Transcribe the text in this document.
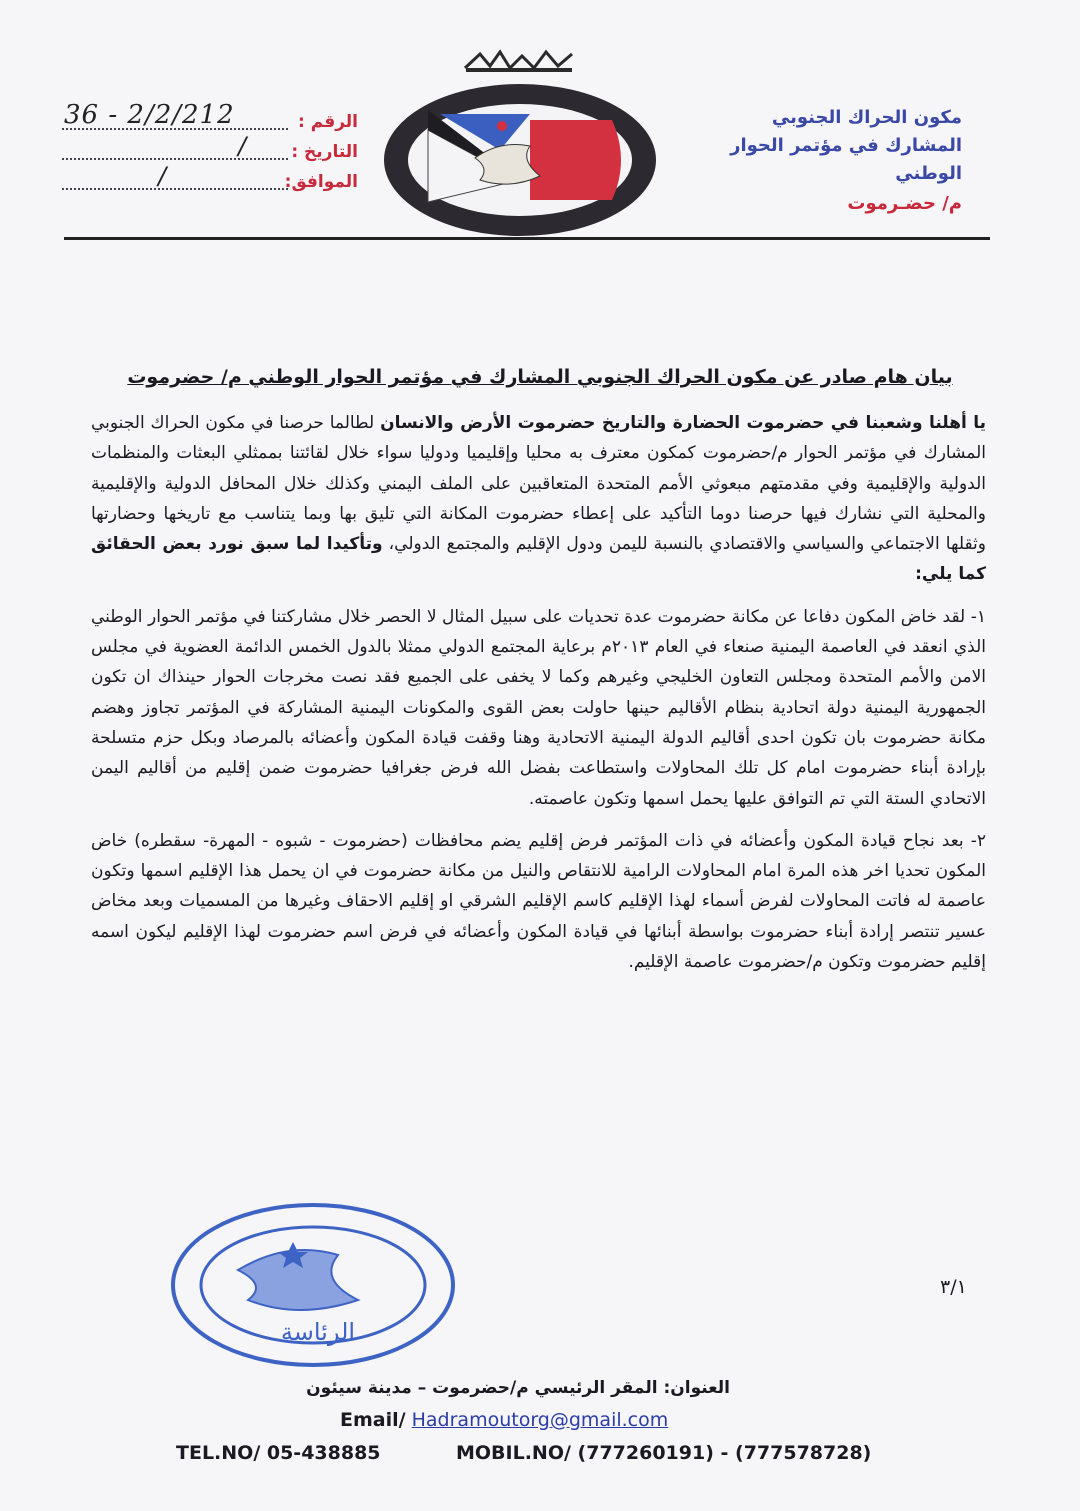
مكون الحراك الجنوبي
المشارك في مؤتمر الحوار الوطني
م/ حضـرموت
الرقم :
36 - 2/2/212
التاريخ :
/
الموافق:
/
بيان هام صادر عن مكون الحراك الجنوبي المشارك في مؤتمر الحوار الوطني م/ حضرموت

يا أهلنا وشعبنا في حضرموت الحضارة والتاريخ حضرموت الأرض والانسان لطالما حرصنا في مكون الحراك الجنوبي المشارك في مؤتمر الحوار م/حضرموت كمكون معترف به محليا وإقليميا ودوليا سواء خلال لقائتنا بممثلي البعثات والمنظمات الدولية والإقليمية وفي مقدمتهم مبعوثي الأمم المتحدة المتعاقبين على الملف اليمني وكذلك خلال المحافل الدولية والإقليمية والمحلية التي نشارك فيها حرصنا دوما التأكيد على إعطاء حضرموت المكانة التي تليق بها وبما يتناسب مع تاريخها وحضارتها وثقلها الاجتماعي والسياسي والاقتصادي بالنسبة لليمن ودول الإقليم والمجتمع الدولي، وتأكيدا لما سبق نورد بعض الحقائق كما يلي:

١- لقد خاض المكون دفاعا عن مكانة حضرموت عدة تحديات على سبيل المثال لا الحصر خلال مشاركتنا في مؤتمر الحوار الوطني الذي انعقد في العاصمة اليمنية صنعاء في العام ٢٠١٣م برعاية المجتمع الدولي ممثلا بالدول الخمس الدائمة العضوية في مجلس الامن والأمم المتحدة ومجلس التعاون الخليجي وغيرهم وكما لا يخفى على الجميع فقد نصت مخرجات الحوار حينذاك ان تكون الجمهورية اليمنية دولة اتحادية بنظام الأقاليم حينها حاولت بعض القوى والمكونات اليمنية المشاركة في المؤتمر تجاوز وهضم مكانة حضرموت بان تكون احدى أقاليم الدولة اليمنية الاتحادية وهنا وقفت قيادة المكون وأعضائه بالمرصاد وبكل حزم متسلحة بإرادة أبناء حضرموت امام كل تلك المحاولات واستطاعت بفضل الله فرض جغرافيا حضرموت ضمن إقليم من أقاليم اليمن الاتحادي الستة التي تم التوافق عليها يحمل اسمها وتكون عاصمته.

٢- بعد نجاح قيادة المكون وأعضائه في ذات المؤتمر فرض إقليم يضم محافظات (حضرموت - شبوه - المهرة- سقطره) خاض المكون تحديا اخر هذه المرة امام المحاولات الرامية للانتقاص والنيل من مكانة حضرموت في ان يحمل هذا الإقليم اسمها وتكون عاصمة له فاتت المحاولات لفرض أسماء لهذا الإقليم كاسم الإقليم الشرقي او إقليم الاحقاف وغيرها من المسميات وبعد مخاض عسير تنتصر إرادة أبناء حضرموت بواسطة أبنائها في قيادة المكون وأعضائه في فرض اسم حضرموت لهذا الإقليم ليكون اسمه إقليم حضرموت وتكون م/حضرموت عاصمة الإقليم.

الرئاسة
٣/١
العنوان: المقر الرئيسي م/حضرموت – مدينة سيئون
Email/ Hadramoutorg@gmail.com
TEL.NO/ 05-438885	MOBIL.NO/ (777260191) - (777578728)
